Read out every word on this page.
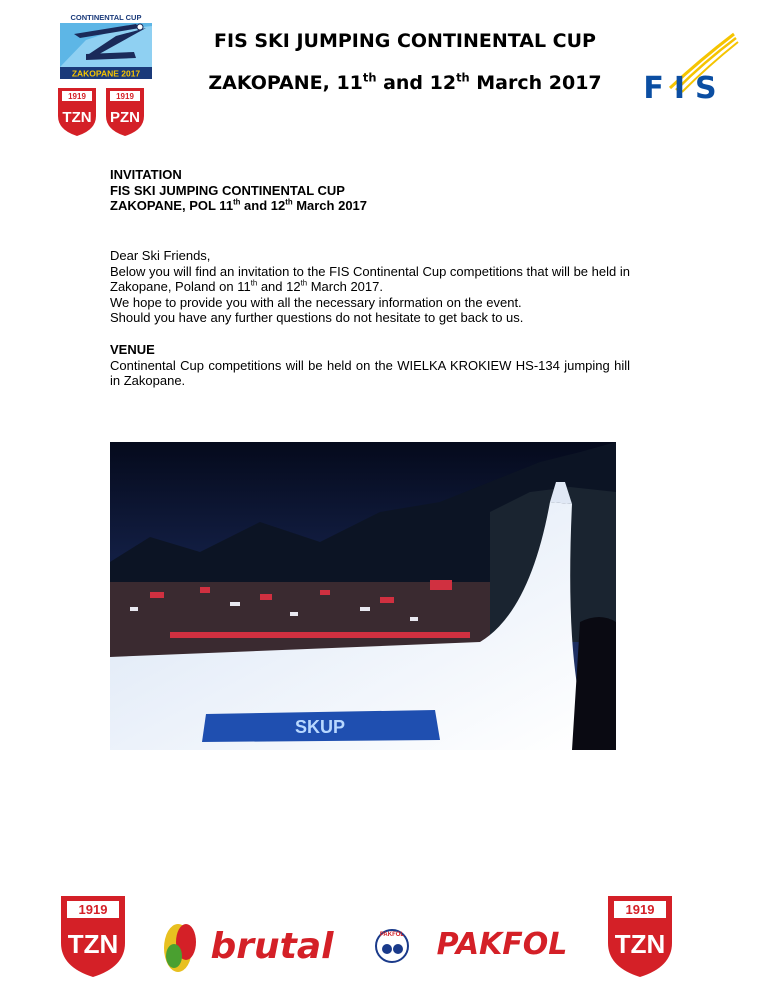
CONTINENTAL CUP
ZAKOPANE 2017
1919
TZN
1919
PZN
FIS SKI JUMPING CONTINENTAL CUP
ZAKOPANE, 11th and 12th March 2017	FIS
INVITATION
FIS SKI JUMPING CONTINENTAL CUP
ZAKOPANE, POL 11th and 12th March 2017
Dear Ski Friends,
Below you will find an invitation to the FIS Continental Cup competitions that will be held in Zakopane, Poland on 11th and 12th March 2017.
We hope to provide you with all the necessary information on the event.
Should you have any further questions do not hesitate to get back to us.
VENUE
Continental Cup competitions will be held on the WIELKA KROKIEW HS-134 jumping hill in Zakopane.
SKUP
1919
TZN	brutal	PAKFOL PAKFOL
1919
TZN
